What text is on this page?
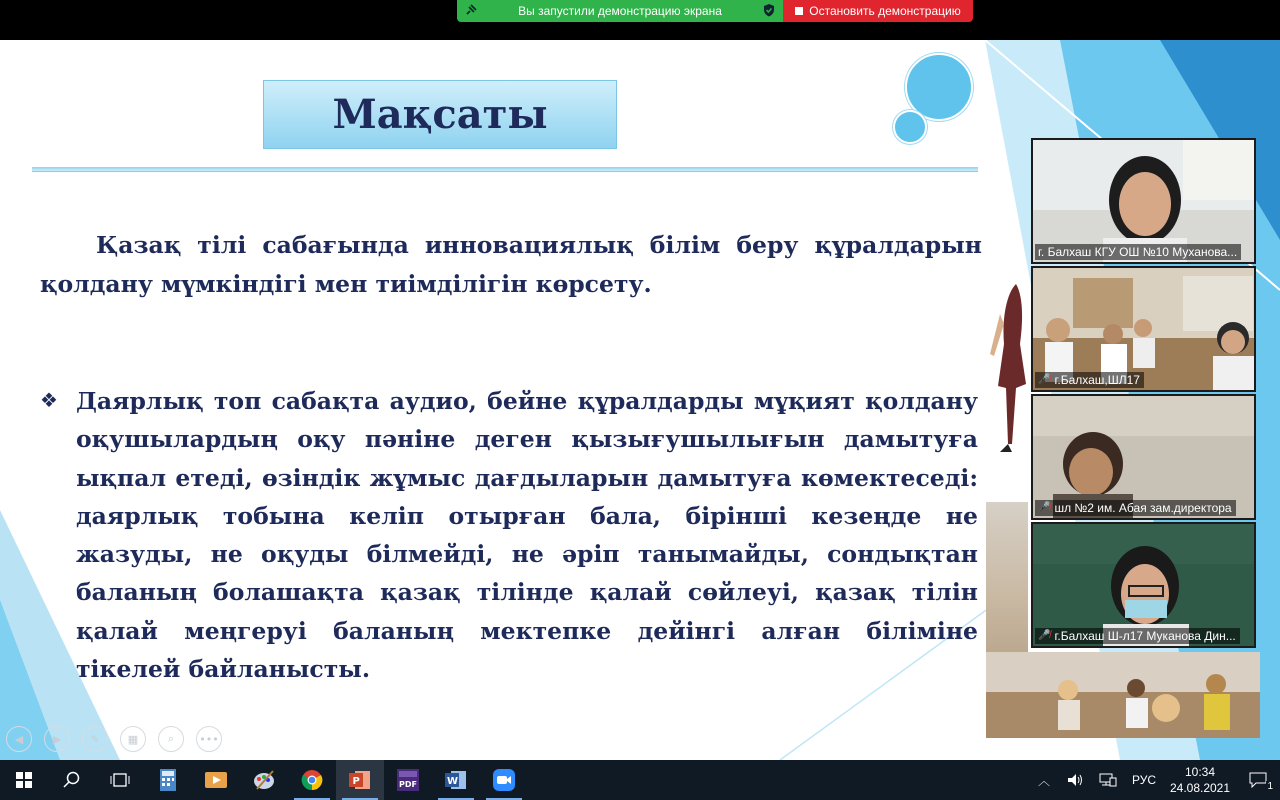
Вы запустили демонстрацию экрана	Остановить демонстрацию
Мақсаты
Қазақ тілі сабағында инновациялық білім беру құралдарын қолдану мүмкіндігі мен тиімділігін көрсету.
❖ Даярлық топ сабақта аудио, бейне құралдарды мұқият қолдану оқушылардың оқу пәніне деген қызығушылығын дамытуға ықпал етеді, өзіндік жұмыс дағдыларын дамытуға көмектеседі: даярлық тобына келіп отырған бала, бірінші кезеңде не жазуды, не оқуды білмейді, не әріп танымайды, сондықтан баланың болашақта қазақ тілінде қалай сөйлеуі, қазақ тілін қалай меңгеруі баланың мектепке дейінгі алған біліміне тікелей байланысты.
◀	▶	✎	▦	⌕ •••
г. Балхаш КГУ ОШ №10 Муханова...
🎤̸ г.Балхаш,ШЛ17
🎤̸ шл №2 им. Абая зам.директора
🎤̸ г.Балхаш Ш-л17 Муканова Дин...
P	PDF	W	︿	РУС
10:34
24.08.2021	1
